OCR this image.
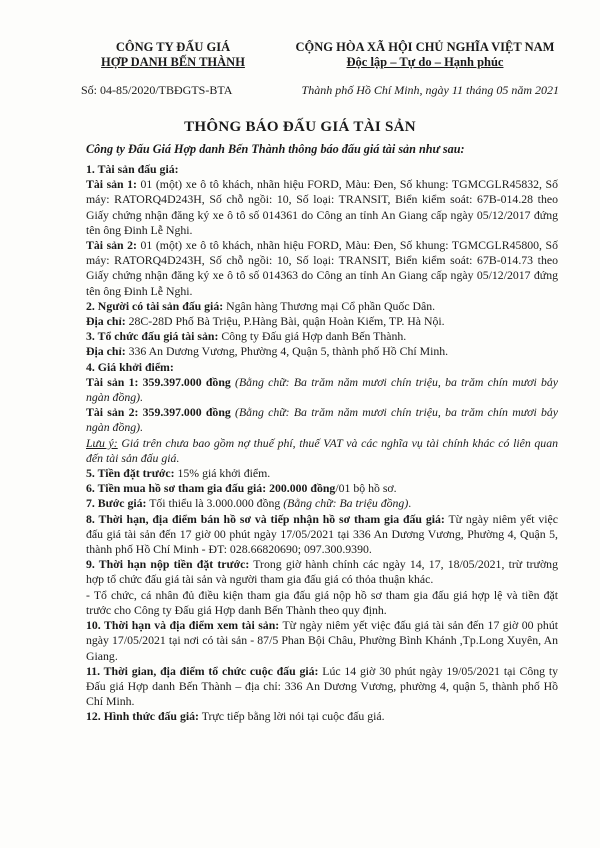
CÔNG TY ĐẤU GIÁ
HỢP DANH BẾN THÀNH
CỘNG HÒA XÃ HỘI CHỦ NGHĨA VIỆT NAM
Độc lập – Tự do – Hạnh phúc
Số: 04-85/2020/TBĐGTS-BTA	Thành phố Hồ Chí Minh, ngày 11 tháng 05 năm 2021
THÔNG BÁO ĐẤU GIÁ TÀI SẢN
Công ty Đấu Giá Hợp danh Bến Thành thông báo đấu giá tài sản như sau:

1. Tài sản đấu giá:

Tài sản 1: 01 (một) xe ô tô khách, nhãn hiệu FORD, Màu: Đen, Số khung: TGMCGLR45832, Số máy: RATORQ4D243H, Số chỗ ngồi: 10, Số loại: TRANSIT, Biển kiểm soát: 67B-014.28 theo Giấy chứng nhận đăng ký xe ô tô số 014361 do Công an tỉnh An Giang cấp ngày 05/12/2017 đứng tên ông Đinh Lễ Nghi.

Tài sản 2: 01 (một) xe ô tô khách, nhãn hiệu FORD, Màu: Đen, Số khung: TGMCGLR45800, Số máy: RATORQ4D243H, Số chỗ ngồi: 10, Số loại: TRANSIT, Biển kiểm soát: 67B-014.73 theo Giấy chứng nhận đăng ký xe ô tô số 014363 do Công an tỉnh An Giang cấp ngày 05/12/2017 đứng tên ông Đinh Lễ Nghi.

2. Người có tài sản đấu giá: Ngân hàng Thương mại Cổ phần Quốc Dân.

Địa chỉ: 28C-28D Phố Bà Triệu, P.Hàng Bài, quận Hoàn Kiếm, TP. Hà Nội.

3. Tổ chức đấu giá tài sản: Công ty Đấu giá Hợp danh Bến Thành.

Địa chỉ: 336 An Dương Vương, Phường 4, Quận 5, thành phố Hồ Chí Minh.

4. Giá khởi điểm:

Tài sản 1: 359.397.000 đồng (Bằng chữ: Ba trăm năm mươi chín triệu, ba trăm chín mươi bảy ngàn đồng).

Tài sản 2: 359.397.000 đồng (Bằng chữ: Ba trăm năm mươi chín triệu, ba trăm chín mươi bảy ngàn đồng).

Lưu ý: Giá trên chưa bao gồm nợ thuế phí, thuế VAT và các nghĩa vụ tài chính khác có liên quan đến tài sản đấu giá.

5. Tiền đặt trước: 15% giá khởi điểm.

6. Tiền mua hồ sơ tham gia đấu giá: 200.000 đồng/01 bộ hồ sơ.

7. Bước giá: Tối thiểu là 3.000.000 đồng (Bằng chữ: Ba triệu đồng).

8. Thời hạn, địa điểm bán hồ sơ và tiếp nhận hồ sơ tham gia đấu giá: Từ ngày niêm yết việc đấu giá tài sản đến 17 giờ 00 phút ngày 17/05/2021 tại 336 An Dương Vương, Phường 4, Quận 5, thành phố Hồ Chí Minh - ĐT: 028.66820690; 097.300.9390.

9. Thời hạn nộp tiền đặt trước: Trong giờ hành chính các ngày 14, 17, 18/05/2021, trừ trường hợp tổ chức đấu giá tài sản và người tham gia đấu giá có thỏa thuận khác.

- Tổ chức, cá nhân đủ điều kiện tham gia đấu giá nộp hồ sơ tham gia đấu giá hợp lệ và tiền đặt trước cho Công ty Đấu giá Hợp danh Bến Thành theo quy định.

10. Thời hạn và địa điểm xem tài sản: Từ ngày niêm yết việc đấu giá tài sản đến 17 giờ 00 phút ngày 17/05/2021 tại nơi có tài sản - 87/5 Phan Bội Châu, Phường Bình Khánh ,Tp.Long Xuyên, An Giang.

11. Thời gian, địa điểm tổ chức cuộc đấu giá: Lúc 14 giờ 30 phút ngày 19/05/2021 tại Công ty Đấu giá Hợp danh Bến Thành – địa chỉ: 336 An Dương Vương, phường 4, quận 5, thành phố Hồ Chí Minh.

12. Hình thức đấu giá: Trực tiếp bằng lời nói tại cuộc đấu giá.
